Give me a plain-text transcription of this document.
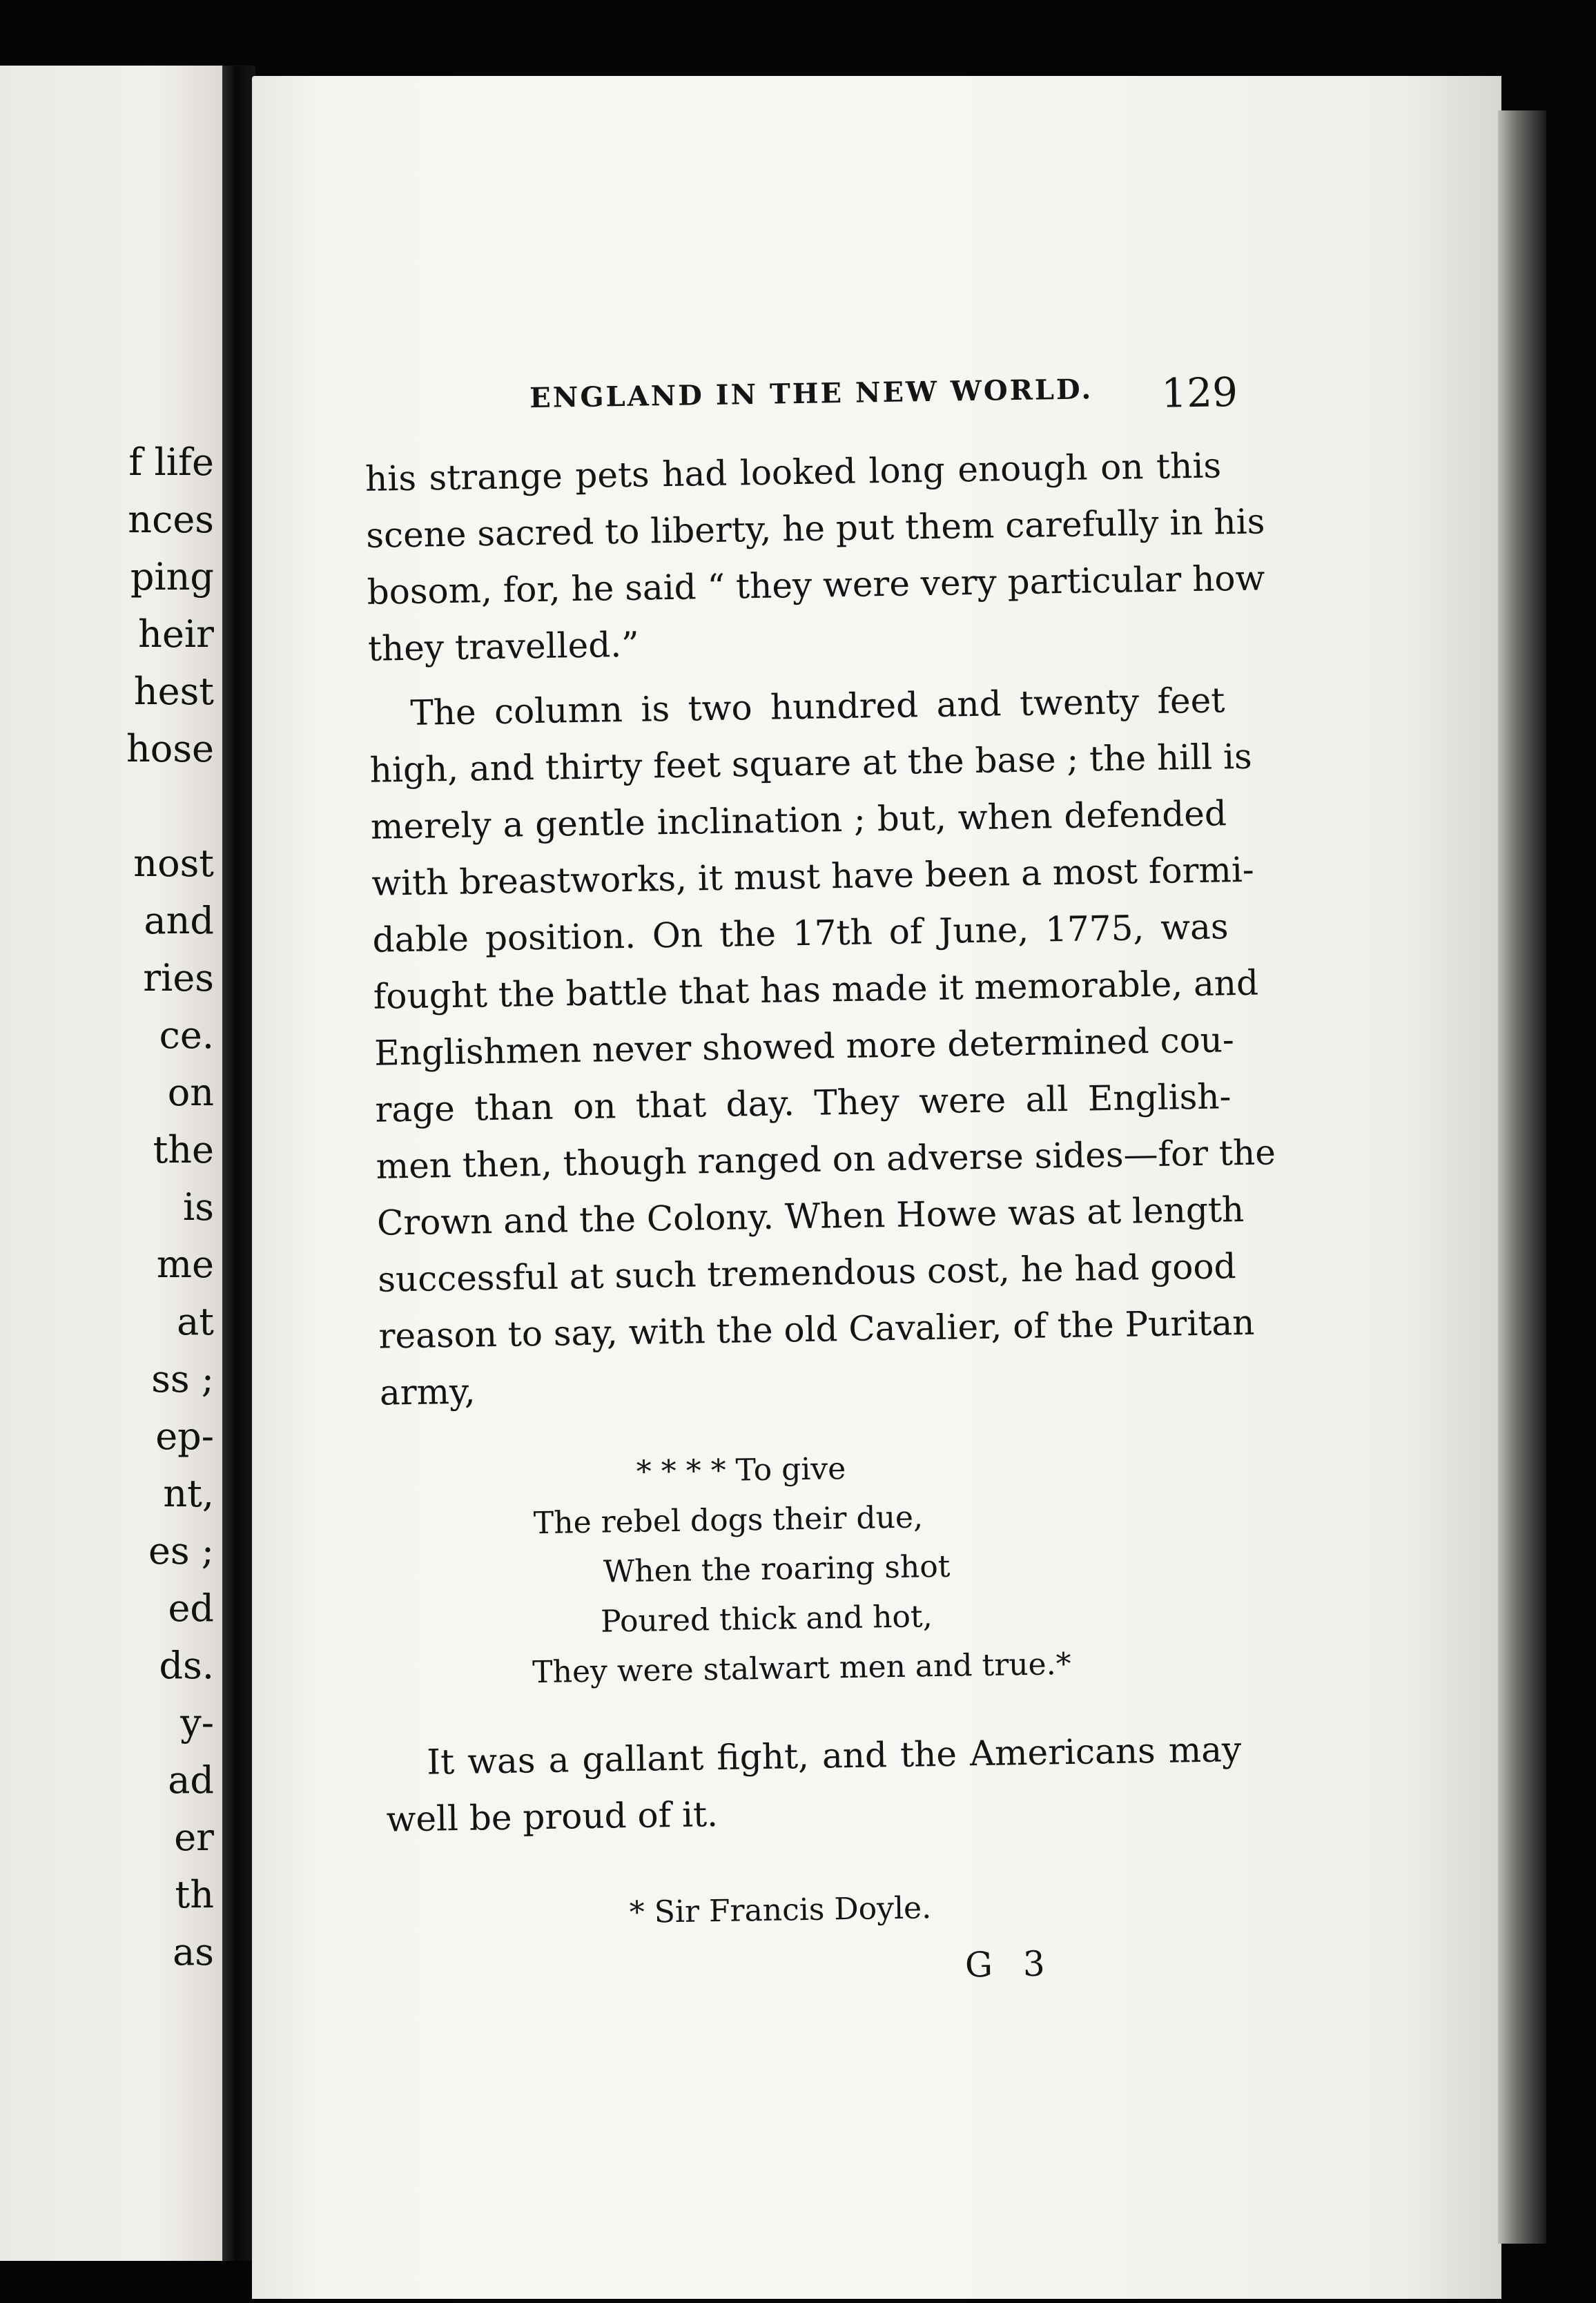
f life
nces
ping
heir
hest
hose
nost
and
ries
ce.
on
the
is
me
at
ss ;
ep-
nt,
es ;
ed
ds.
y-
ad
er
th
as
ENGLAND IN THE NEW WORLD. 129
his strange pets had looked long enough on this
scene sacred to liberty, he put them carefully in his
bosom, for, he said “ they were very particular how
they travelled.”
The column is two hundred and twenty feet
high, and thirty feet square at the base ; the hill is
merely a gentle inclination ; but, when defended
with breastworks, it must have been a most formi-
dable position. On the 17th of June, 1775, was
fought the battle that has made it memorable, and
Englishmen never showed more determined cou-
rage than on that day. They were all English-
men then, though ranged on adverse sides—for the
Crown and the Colony. When Howe was at length
successful at such tremendous cost, he had good
reason to say, with the old Cavalier, of the Puritan
army,
* * * * To give
The rebel dogs their due,
When the roaring shot
Poured thick and hot,
They were stalwart men and true.*
It was a gallant fight, and the Americans may
well be proud of it.
* Sir Francis Doyle.
G 3
